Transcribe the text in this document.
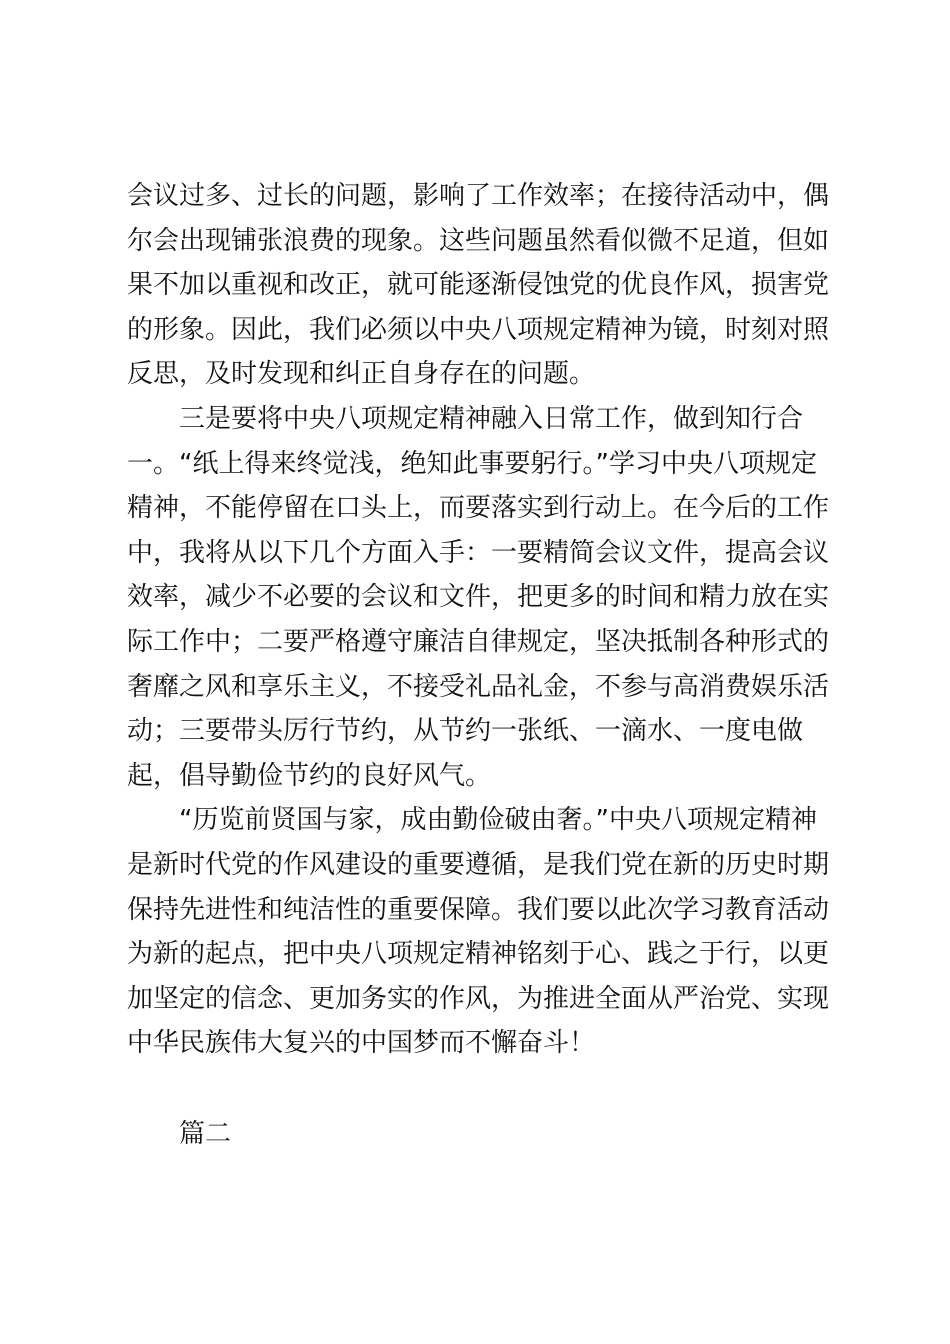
会议过多、过长的问题，影响了工作效率；在接待活动中，偶
尔会出现铺张浪费的现象。这些问题虽然看似微不足道，但如
果不加以重视和改正，就可能逐渐侵蚀党的优良作风，损害党
的形象。因此，我们必须以中央八项规定精神为镜，时刻对照
反思，及时发现和纠正自身存在的问题。
三是要将中央八项规定精神融入日常工作，做到知行合
一。“纸上得来终觉浅，绝知此事要躬行。”学习中央八项规定
精神，不能停留在口头上，而要落实到行动上。在今后的工作
中，我将从以下几个方面入手：一要精简会议文件，提高会议
效率，减少不必要的会议和文件，把更多的时间和精力放在实
际工作中；二要严格遵守廉洁自律规定，坚决抵制各种形式的
奢靡之风和享乐主义，不接受礼品礼金，不参与高消费娱乐活
动；三要带头厉行节约，从节约一张纸、一滴水、一度电做
起，倡导勤俭节约的良好风气。
“历览前贤国与家，成由勤俭破由奢。”中央八项规定精神
是新时代党的作风建设的重要遵循，是我们党在新的历史时期
保持先进性和纯洁性的重要保障。我们要以此次学习教育活动
为新的起点，把中央八项规定精神铭刻于心、践之于行，以更
加坚定的信念、更加务实的作风，为推进全面从严治党、实现
中华民族伟大复兴的中国梦而不懈奋斗！
篇二
